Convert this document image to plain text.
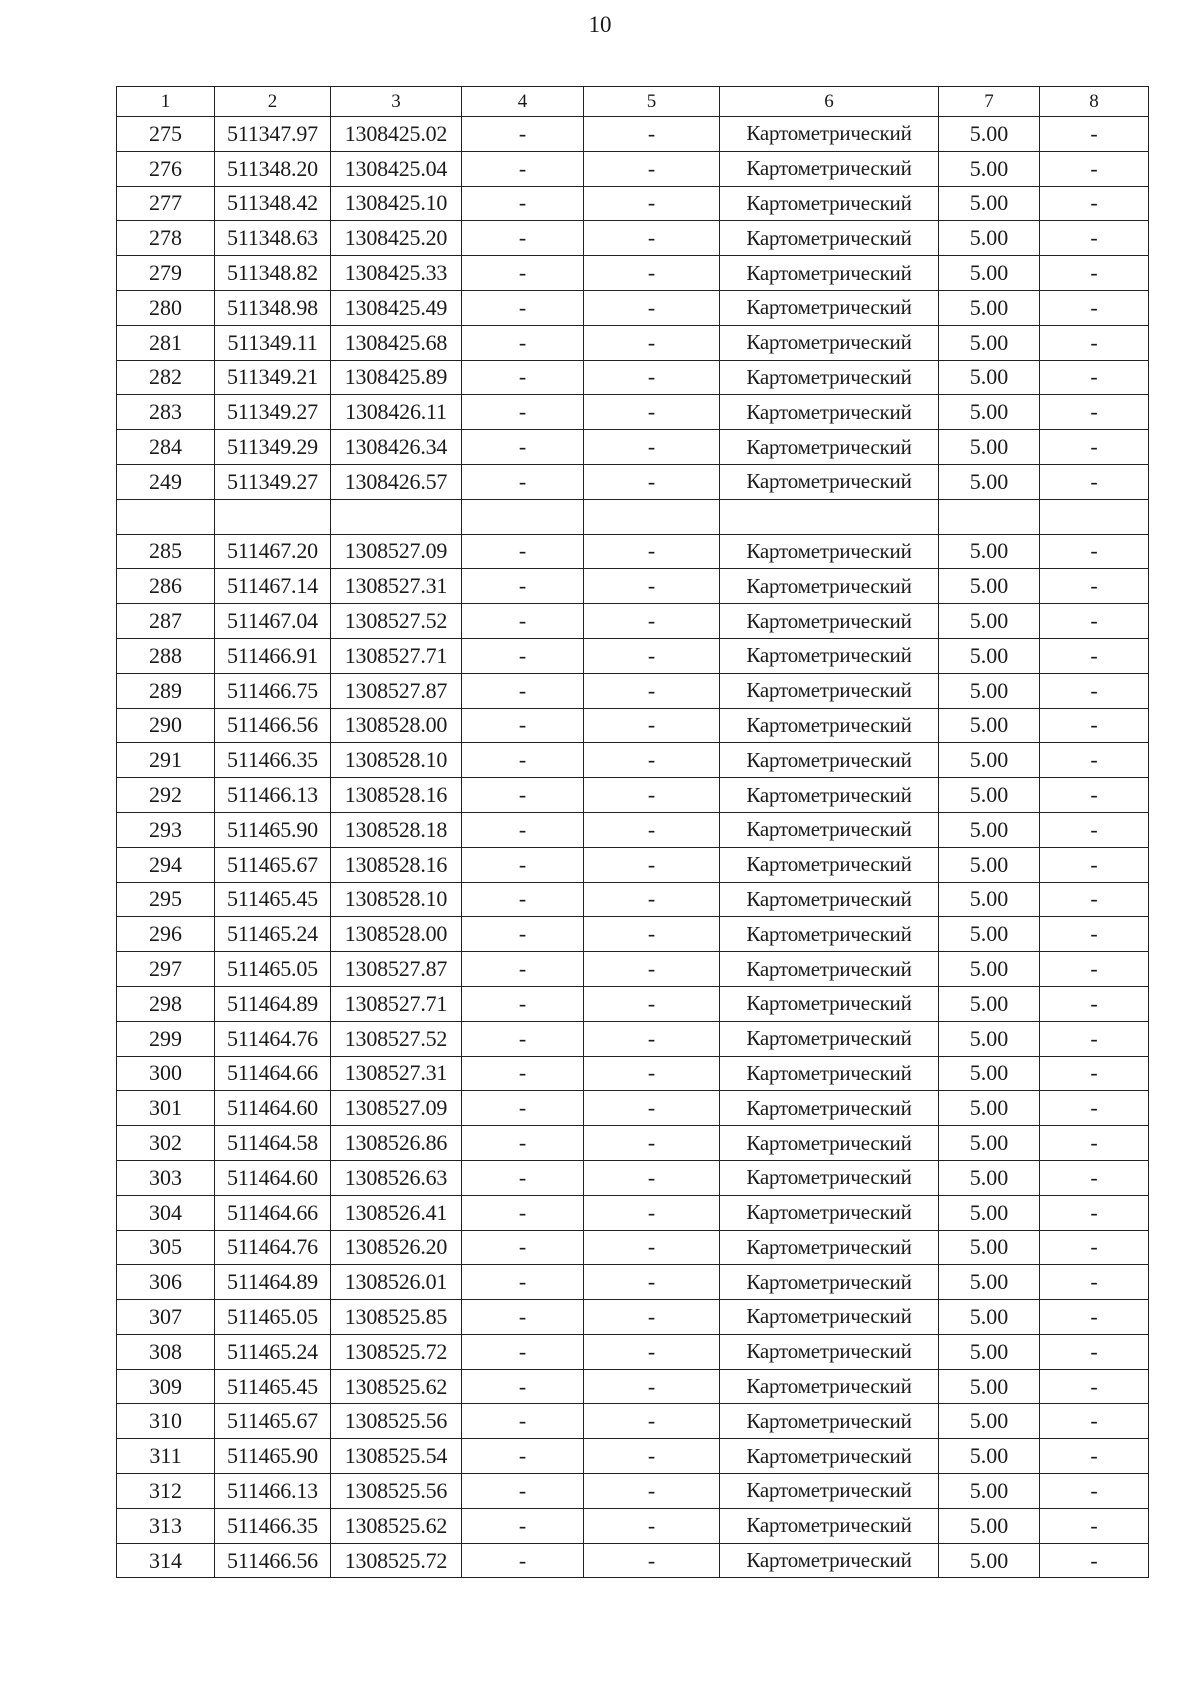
10
1	2	3	4	5	6	7	8
275	511347.97	1308425.02	-	-	Картометрический	5.00	-
276	511348.20	1308425.04	-	-	Картометрический	5.00	-
277	511348.42	1308425.10	-	-	Картометрический	5.00	-
278	511348.63	1308425.20	-	-	Картометрический	5.00	-
279	511348.82	1308425.33	-	-	Картометрический	5.00	-
280	511348.98	1308425.49	-	-	Картометрический	5.00	-
281	511349.11	1308425.68	-	-	Картометрический	5.00	-
282	511349.21	1308425.89	-	-	Картометрический	5.00	-
283	511349.27	1308426.11	-	-	Картометрический	5.00	-
284	511349.29	1308426.34	-	-	Картометрический	5.00	-
249	511349.27	1308426.57	-	-	Картометрический	5.00	-

285	511467.20	1308527.09	-	-	Картометрический	5.00	-
286	511467.14	1308527.31	-	-	Картометрический	5.00	-
287	511467.04	1308527.52	-	-	Картометрический	5.00	-
288	511466.91	1308527.71	-	-	Картометрический	5.00	-
289	511466.75	1308527.87	-	-	Картометрический	5.00	-
290	511466.56	1308528.00	-	-	Картометрический	5.00	-
291	511466.35	1308528.10	-	-	Картометрический	5.00	-
292	511466.13	1308528.16	-	-	Картометрический	5.00	-
293	511465.90	1308528.18	-	-	Картометрический	5.00	-
294	511465.67	1308528.16	-	-	Картометрический	5.00	-
295	511465.45	1308528.10	-	-	Картометрический	5.00	-
296	511465.24	1308528.00	-	-	Картометрический	5.00	-
297	511465.05	1308527.87	-	-	Картометрический	5.00	-
298	511464.89	1308527.71	-	-	Картометрический	5.00	-
299	511464.76	1308527.52	-	-	Картометрический	5.00	-
300	511464.66	1308527.31	-	-	Картометрический	5.00	-
301	511464.60	1308527.09	-	-	Картометрический	5.00	-
302	511464.58	1308526.86	-	-	Картометрический	5.00	-
303	511464.60	1308526.63	-	-	Картометрический	5.00	-
304	511464.66	1308526.41	-	-	Картометрический	5.00	-
305	511464.76	1308526.20	-	-	Картометрический	5.00	-
306	511464.89	1308526.01	-	-	Картометрический	5.00	-
307	511465.05	1308525.85	-	-	Картометрический	5.00	-
308	511465.24	1308525.72	-	-	Картометрический	5.00	-
309	511465.45	1308525.62	-	-	Картометрический	5.00	-
310	511465.67	1308525.56	-	-	Картометрический	5.00	-
311	511465.90	1308525.54	-	-	Картометрический	5.00	-
312	511466.13	1308525.56	-	-	Картометрический	5.00	-
313	511466.35	1308525.62	-	-	Картометрический	5.00	-
314	511466.56	1308525.72	-	-	Картометрический	5.00	-
